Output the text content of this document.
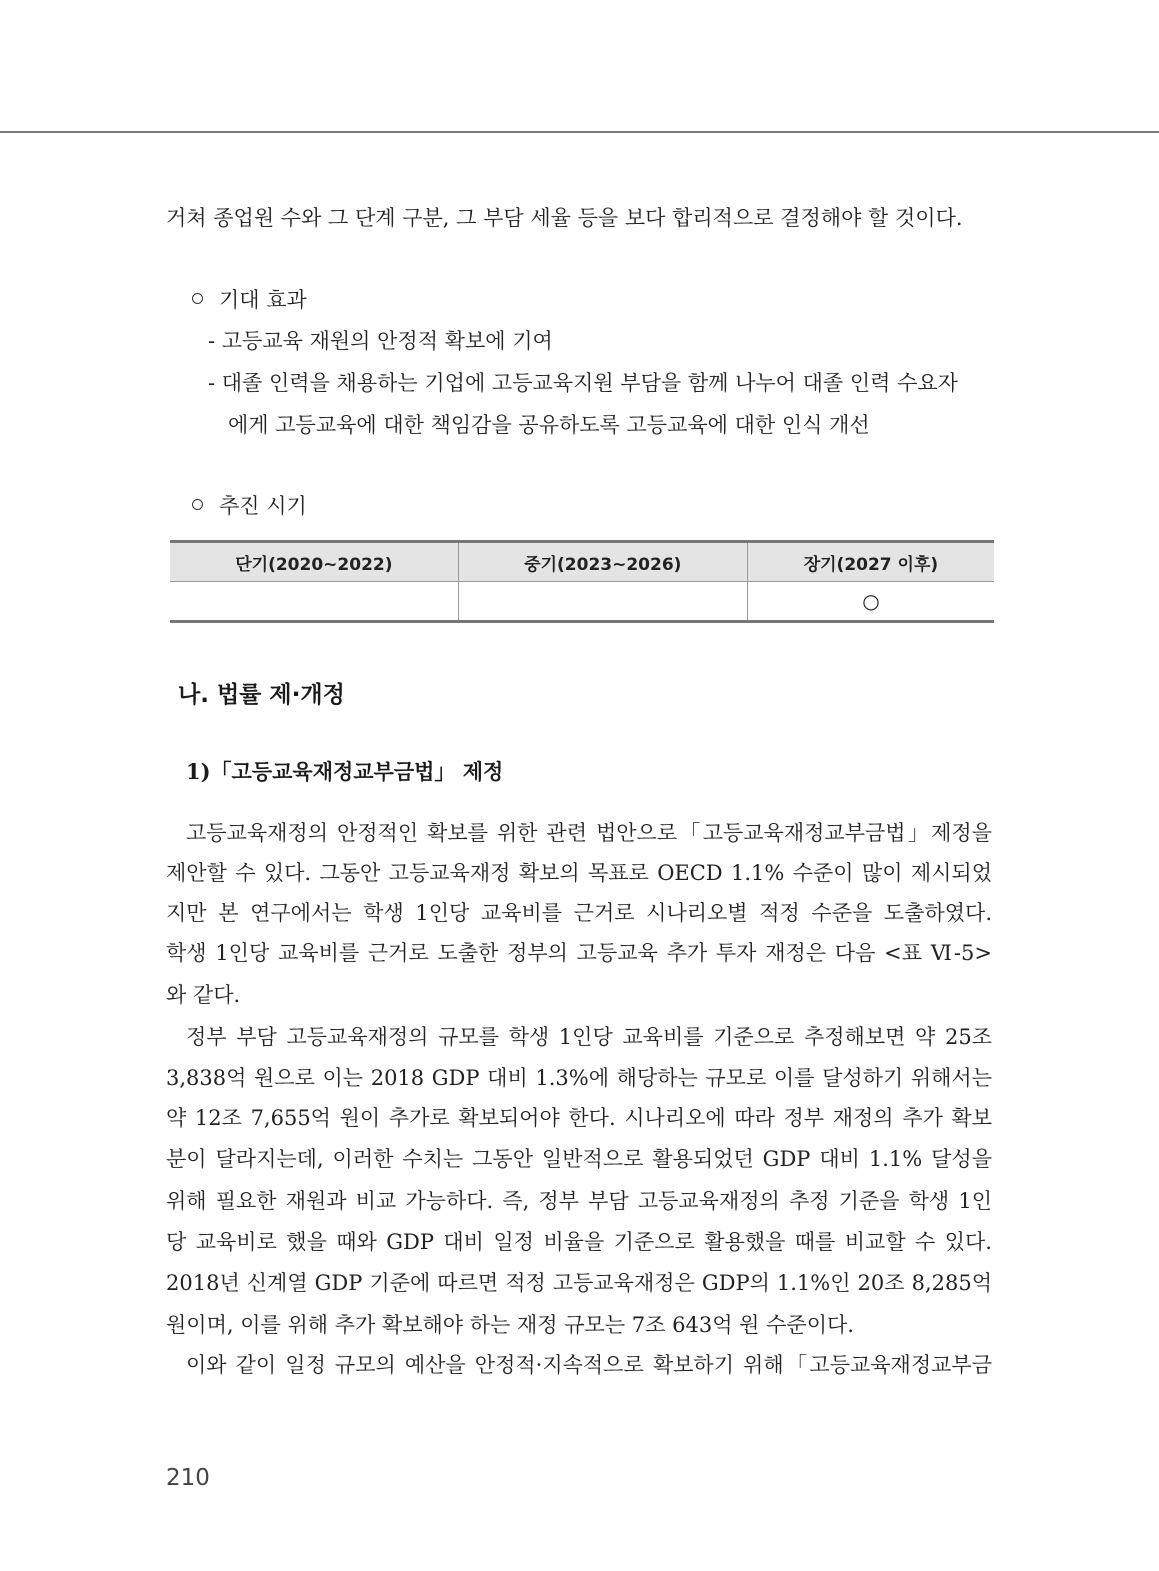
거쳐 종업원 수와 그 단계 구분, 그 부담 세율 등을 보다 합리적으로 결정해야 할 것이다.
기대 효과
- 고등교육 재원의 안정적 확보에 기여
- 대졸 인력을 채용하는 기업에 고등교육지원 부담을 함께 나누어 대졸 인력 수요자
에게 고등교육에 대한 책임감을 공유하도록 고등교육에 대한 인식 개선
추진 시기
단기(2020~2022)	중기(2023~2026)	장기(2027 이후)
		○
나. 법률 제·개정
1)「고등교육재정교부금법」 제정
고등교육재정의 안정적인 확보를 위한 관련 법안으로「고등교육재정교부금법」제정을
제안할 수 있다. 그동안 고등교육재정 확보의 목표로 OECD 1.1% 수준이 많이 제시되었
지만 본 연구에서는 학생 1인당 교육비를 근거로 시나리오별 적정 수준을 도출하였다.
학생 1인당 교육비를 근거로 도출한 정부의 고등교육 추가 투자 재정은 다음 <표 Ⅵ-5>
와 같다.
정부 부담 고등교육재정의 규모를 학생 1인당 교육비를 기준으로 추정해보면 약 25조
3,838억 원으로 이는 2018 GDP 대비 1.3%에 해당하는 규모로 이를 달성하기 위해서는
약 12조 7,655억 원이 추가로 확보되어야 한다. 시나리오에 따라 정부 재정의 추가 확보
분이 달라지는데, 이러한 수치는 그동안 일반적으로 활용되었던 GDP 대비 1.1% 달성을
위해 필요한 재원과 비교 가능하다. 즉, 정부 부담 고등교육재정의 추정 기준을 학생 1인
당 교육비로 했을 때와 GDP 대비 일정 비율을 기준으로 활용했을 때를 비교할 수 있다.
2018년 신계열 GDP 기준에 따르면 적정 고등교육재정은 GDP의 1.1%인 20조 8,285억
원이며, 이를 위해 추가 확보해야 하는 재정 규모는 7조 643억 원 수준이다.
이와 같이 일정 규모의 예산을 안정적·지속적으로 확보하기 위해「고등교육재정교부금
210
